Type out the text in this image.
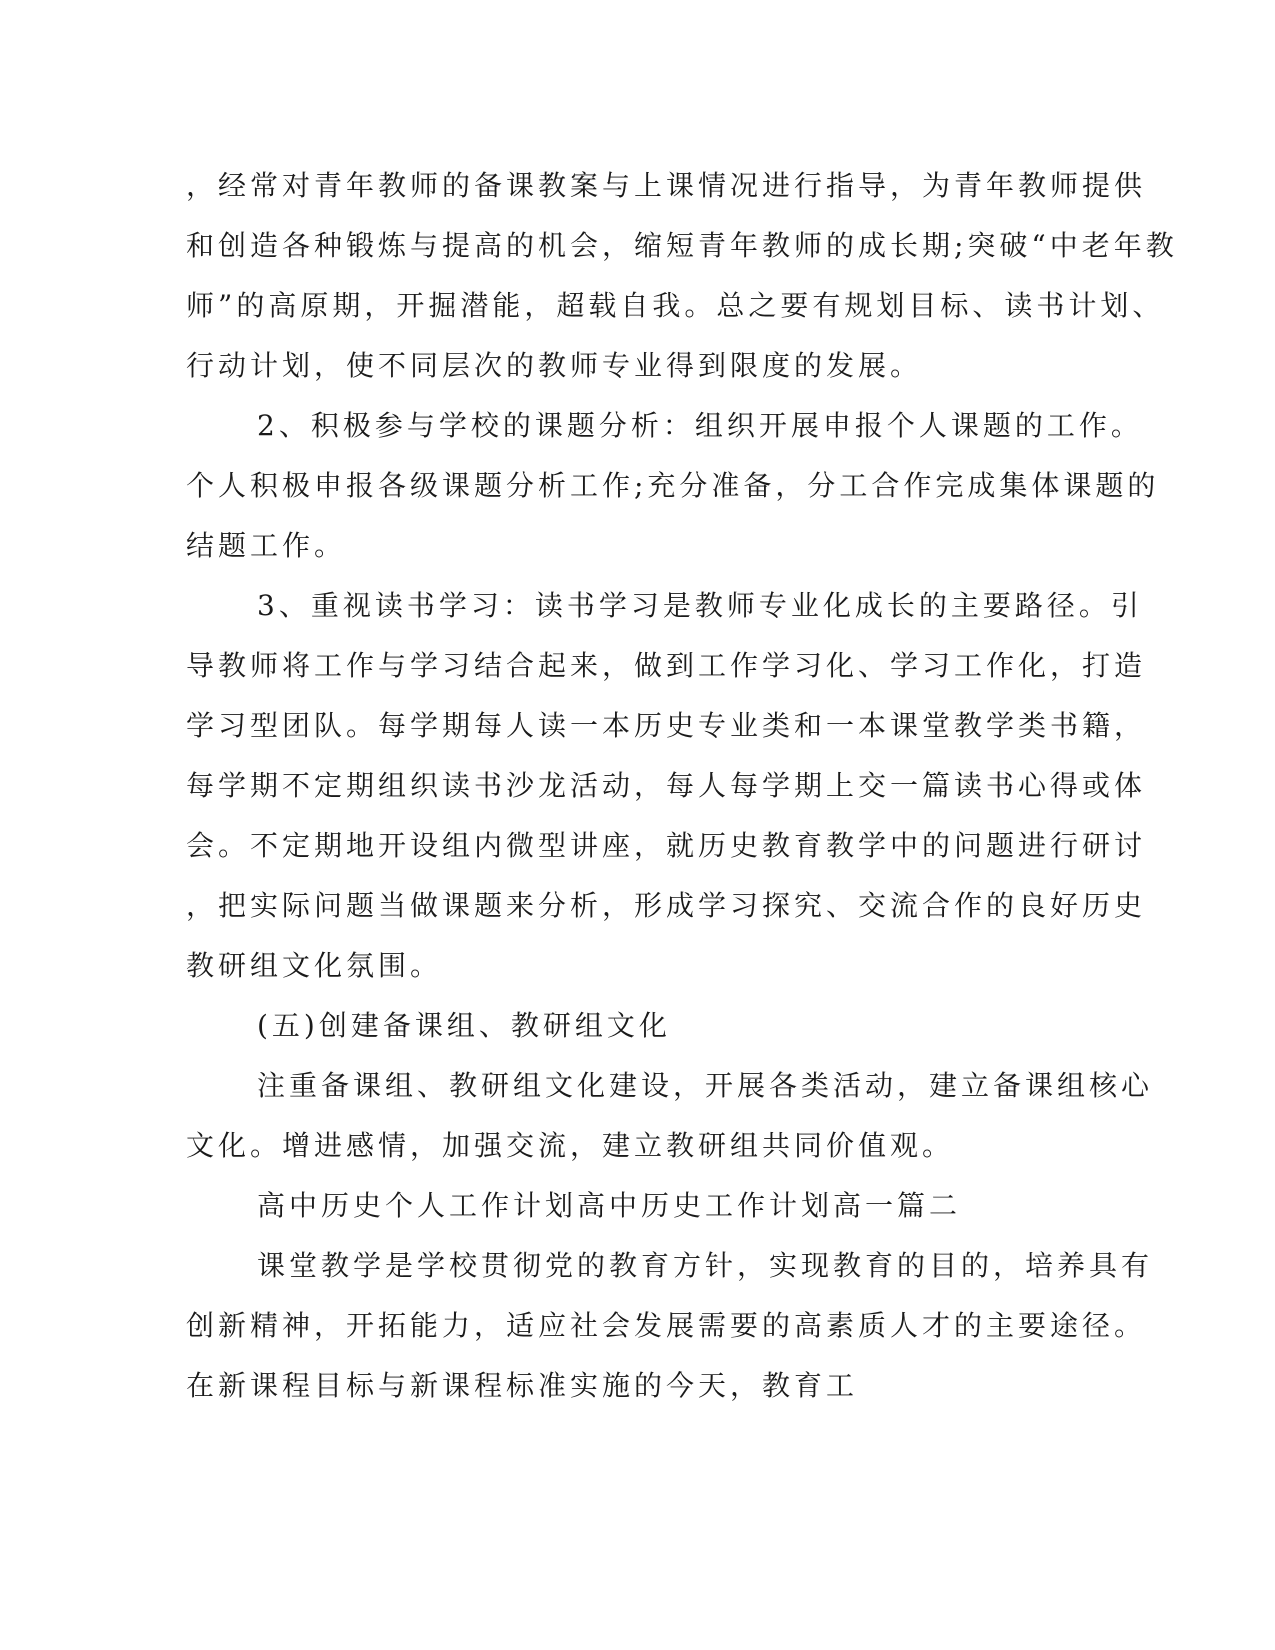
，经常对青年教师的备课教案与上课情况进行指导，为青年教师提供
和创造各种锻炼与提高的机会，缩短青年教师的成长期;突破“中老年教
师”的高原期，开掘潜能，超载自我。总之要有规划目标、读书计划、
行动计划，使不同层次的教师专业得到限度的发展。
2、积极参与学校的课题分析：组织开展申报个人课题的工作。
个人积极申报各级课题分析工作;充分准备，分工合作完成集体课题的
结题工作。
3、重视读书学习：读书学习是教师专业化成长的主要路径。引
导教师将工作与学习结合起来，做到工作学习化、学习工作化，打造
学习型团队。每学期每人读一本历史专业类和一本课堂教学类书籍，
每学期不定期组织读书沙龙活动，每人每学期上交一篇读书心得或体
会。不定期地开设组内微型讲座，就历史教育教学中的问题进行研讨
，把实际问题当做课题来分析，形成学习探究、交流合作的良好历史
教研组文化氛围。
(五)创建备课组、教研组文化
注重备课组、教研组文化建设，开展各类活动，建立备课组核心
文化。增进感情，加强交流，建立教研组共同价值观。
高中历史个人工作计划高中历史工作计划高一篇二
课堂教学是学校贯彻党的教育方针，实现教育的目的，培养具有
创新精神，开拓能力，适应社会发展需要的高素质人才的主要途径。
在新课程目标与新课程标准实施的今天，教育工
